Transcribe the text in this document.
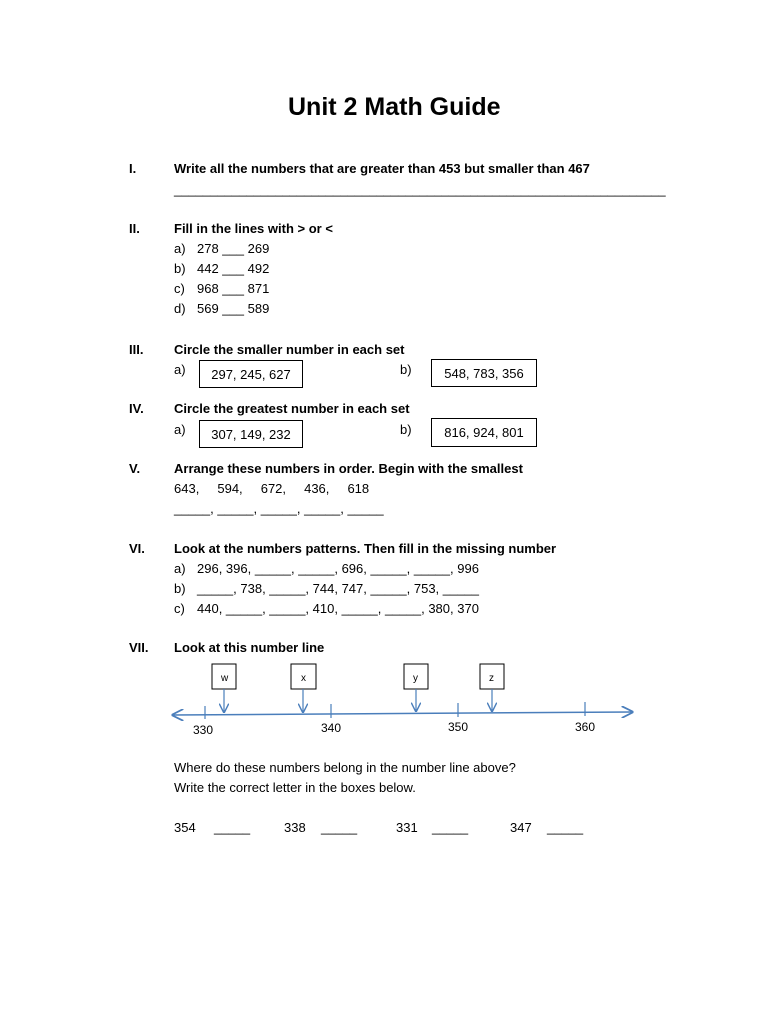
Unit 2 Math Guide
I.	Write all the numbers that are greater than 453 but smaller than 467
____________________________________________________________________
II.	Fill in the lines with > or <
a) 278 ___ 269
b) 442 ___ 492
c) 968 ___ 871
d) 569 ___ 589
III. Circle the smaller number in each set
a)	297, 245, 627	b)	548, 783, 356
IV. Circle the greatest number in each set
a)	307, 149, 232	b)	816, 924, 801
V.	Arrange these numbers in order. Begin with the smallest
643,     594,     672,     436,     618
_____, _____, _____, _____, _____
VI. Look at the numbers patterns. Then fill in the missing number
a) 296, 396, _____, _____, 696, _____, _____, 996
b) _____, 738, _____, 744, 747, _____, 753, _____
c) 440, _____, _____, 410, _____, _____, 380, 370
VII. Look at this number line
330	340	350	360
w	x	y	z
Where do these numbers belong in the number line above?
Write the correct letter in the boxes below.
354 _____	338 _____	331 _____	347 _____
